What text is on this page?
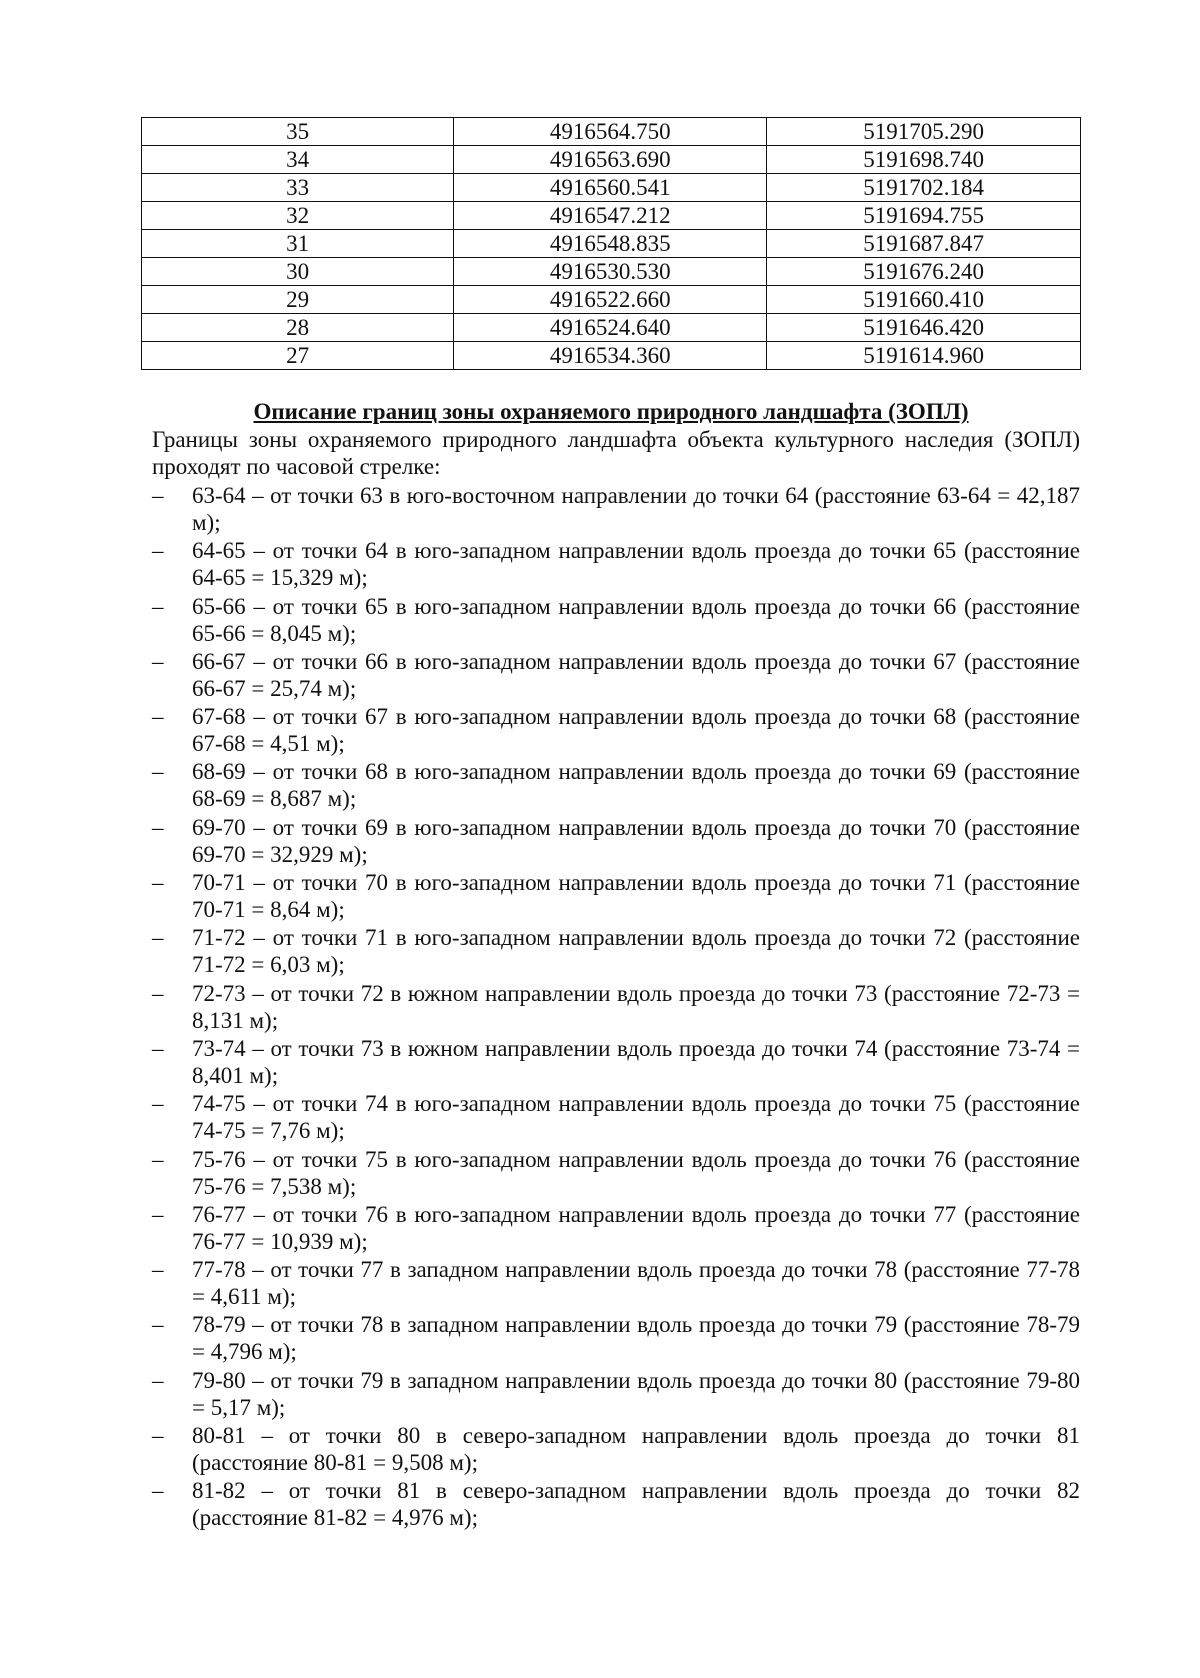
35	4916564.750	5191705.290
34	4916563.690	5191698.740
33	4916560.541	5191702.184
32	4916547.212	5191694.755
31	4916548.835	5191687.847
30	4916530.530	5191676.240
29	4916522.660	5191660.410
28	4916524.640	5191646.420
27	4916534.360	5191614.960
Описание границ зоны охраняемого природного ландшафта (ЗОПЛ)
Границы зоны охраняемого природного ландшафта объекта культурного наследия (ЗОПЛ) проходят по часовой стрелке:
– 63-64 – от точки 63 в юго-восточном направлении до точки 64 (расстояние 63-64 = 42,187 м);
– 64-65 – от точки 64 в юго-западном направлении вдоль проезда до точки 65 (расстояние 64-65 = 15,329 м);
– 65-66 – от точки 65 в юго-западном направлении вдоль проезда до точки 66 (расстояние 65-66 = 8,045 м);
– 66-67 – от точки 66 в юго-западном направлении вдоль проезда до точки 67 (расстояние 66-67 = 25,74 м);
– 67-68 – от точки 67 в юго-западном направлении вдоль проезда до точки 68 (расстояние 67-68 = 4,51 м);
– 68-69 – от точки 68 в юго-западном направлении вдоль проезда до точки 69 (расстояние 68-69 = 8,687 м);
– 69-70 – от точки 69 в юго-западном направлении вдоль проезда до точки 70 (расстояние 69-70 = 32,929 м);
– 70-71 – от точки 70 в юго-западном направлении вдоль проезда до точки 71 (расстояние 70-71 = 8,64 м);
– 71-72 – от точки 71 в юго-западном направлении вдоль проезда до точки 72 (расстояние 71-72 = 6,03 м);
– 72-73 – от точки 72 в южном направлении вдоль проезда до точки 73 (расстояние 72-73 = 8,131 м);
– 73-74 – от точки 73 в южном направлении вдоль проезда до точки 74 (расстояние 73-74 = 8,401 м);
– 74-75 – от точки 74 в юго-западном направлении вдоль проезда до точки 75 (расстояние 74-75 = 7,76 м);
– 75-76 – от точки 75 в юго-западном направлении вдоль проезда до точки 76 (расстояние 75-76 = 7,538 м);
– 76-77 – от точки 76 в юго-западном направлении вдоль проезда до точки 77 (расстояние 76-77 = 10,939 м);
– 77-78 – от точки 77 в западном направлении вдоль проезда до точки 78 (расстояние 77-78 = 4,611 м);
– 78-79 – от точки 78 в западном направлении вдоль проезда до точки 79 (расстояние 78-79 = 4,796 м);
– 79-80 – от точки 79 в западном направлении вдоль проезда до точки 80 (расстояние 79-80 = 5,17 м);
– 80-81 – от точки 80 в северо-западном направлении вдоль проезда до точки 81 (расстояние 80-81 = 9,508 м);
– 81-82 – от точки 81 в северо-западном направлении вдоль проезда до точки 82 (расстояние 81-82 = 4,976 м);
